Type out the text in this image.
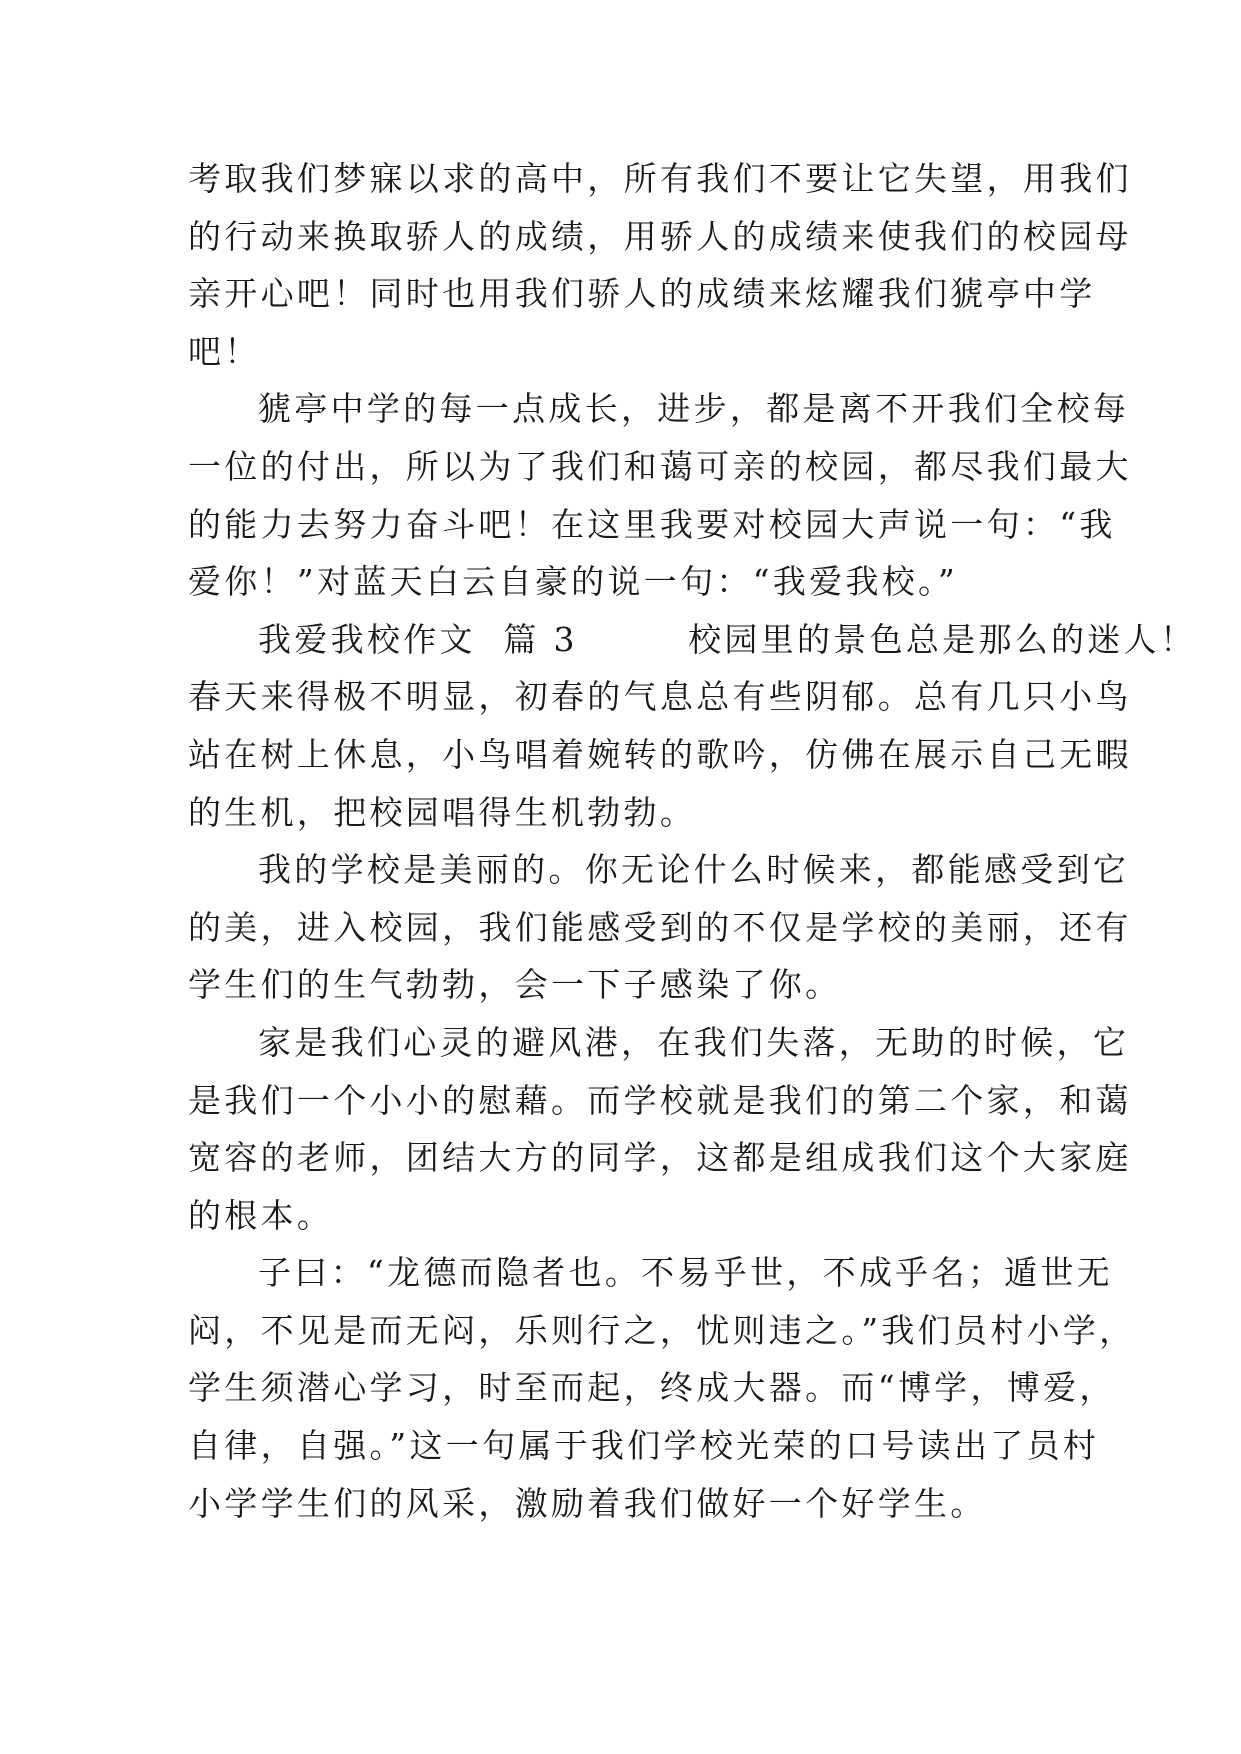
考取我们梦寐以求的高中，所有我们不要让它失望，用我们
的行动来换取骄人的成绩，用骄人的成绩来使我们的校园母
亲开心吧！同时也用我们骄人的成绩来炫耀我们猇亭中学
吧！
猇亭中学的每一点成长，进步，都是离不开我们全校每
一位的付出，所以为了我们和蔼可亲的校园，都尽我们最大
的能力去努力奋斗吧！在这里我要对校园大声说一句：“我
爱你！”对蓝天白云自豪的说一句：“我爱我校。”
我爱我校作文  篇 3        校园里的景色总是那么的迷人！
春天来得极不明显，初春的气息总有些阴郁。总有几只小鸟
站在树上休息，小鸟唱着婉转的歌吟，仿佛在展示自己无暇
的生机，把校园唱得生机勃勃。
我的学校是美丽的。你无论什么时候来，都能感受到它
的美，进入校园，我们能感受到的不仅是学校的美丽，还有
学生们的生气勃勃，会一下子感染了你。
家是我们心灵的避风港，在我们失落，无助的时候，它
是我们一个小小的慰藉。而学校就是我们的第二个家，和蔼
宽容的老师，团结大方的同学，这都是组成我们这个大家庭
的根本。
子曰：“龙德而隐者也。不易乎世，不成乎名；遁世无
闷，不见是而无闷，乐则行之，忧则违之。”我们员村小学，
学生须潜心学习，时至而起，终成大器。而“博学，博爱，
自律，自强。”这一句属于我们学校光荣的口号读出了员村
小学学生们的风采，激励着我们做好一个好学生。
